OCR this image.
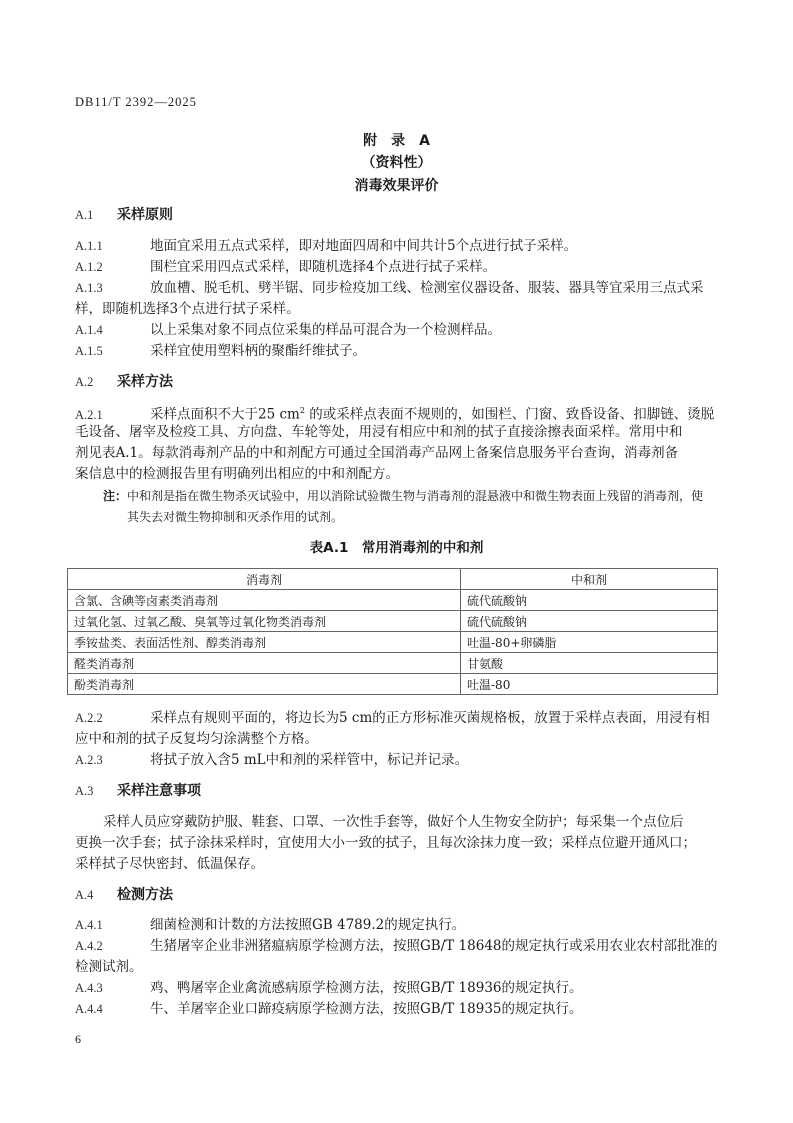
DB11/T 2392—2025
附　录　A
（资料性）
消毒效果评价
A.1 采样原则
A.1.1	地面宜采用五点式采样，即对地面四周和中间共计5个点进行拭子采样。
A.1.2	围栏宜采用四点式采样，即随机选择4个点进行拭子采样。
A.1.3	放血槽、脱毛机、劈半锯、同步检疫加工线、检测室仪器设备、服装、器具等宜采用三点式采
样，即随机选择3个点进行拭子采样。
A.1.4	以上采集对象不同点位采集的样品可混合为一个检测样品。
A.1.5	采样宜使用塑料柄的聚酯纤维拭子。
A.2 采样方法
A.2.1	采样点面积不大于25 $cm^2$ 的或采样点表面不规则的，如围栏、门窗、致昏设备、扣脚链、烫脱
毛设备、屠宰及检疫工具、方向盘、车轮等处，用浸有相应中和剂的拭子直接涂擦表面采样。常用中和
剂见表A.1。每款消毒剂产品的中和剂配方可通过全国消毒产品网上备案信息服务平台查询，消毒剂备
案信息中的检测报告里有明确列出相应的中和剂配方。
注：中和剂是指在微生物杀灭试验中，用以消除试验微生物与消毒剂的混悬液中和微生物表面上残留的消毒剂，使
其失去对微生物抑制和灭杀作用的试剂。
表A.1　常用消毒剂的中和剂
消毒剂	中和剂
含氯、含碘等卤素类消毒剂	硫代硫酸钠
过氧化氢、过氧乙酸、臭氧等过氧化物类消毒剂	硫代硫酸钠
季铵盐类、表面活性剂、醇类消毒剂	吐温-80+卵磷脂
醛类消毒剂	甘氨酸
酚类消毒剂	吐温-80
A.2.2	采样点有规则平面的，将边长为5 cm的正方形标准灭菌规格板，放置于采样点表面，用浸有相
应中和剂的拭子反复均匀涂满整个方格。
A.2.3	将拭子放入含5 mL中和剂的采样管中，标记并记录。
A.3 采样注意事项
采样人员应穿戴防护服、鞋套、口罩、一次性手套等，做好个人生物安全防护；每采集一个点位后
更换一次手套；拭子涂抹采样时，宜使用大小一致的拭子，且每次涂抹力度一致；采样点位避开通风口；
采样拭子尽快密封、低温保存。
A.4 检测方法
A.4.1	细菌检测和计数的方法按照GB 4789.2的规定执行。
A.4.2	生猪屠宰企业非洲猪瘟病原学检测方法，按照GB/T 18648的规定执行或采用农业农村部批准的
检测试剂。
A.4.3	鸡、鸭屠宰企业禽流感病原学检测方法，按照GB/T 18936的规定执行。
A.4.4	牛、羊屠宰企业口蹄疫病原学检测方法，按照GB/T 18935的规定执行。
6
